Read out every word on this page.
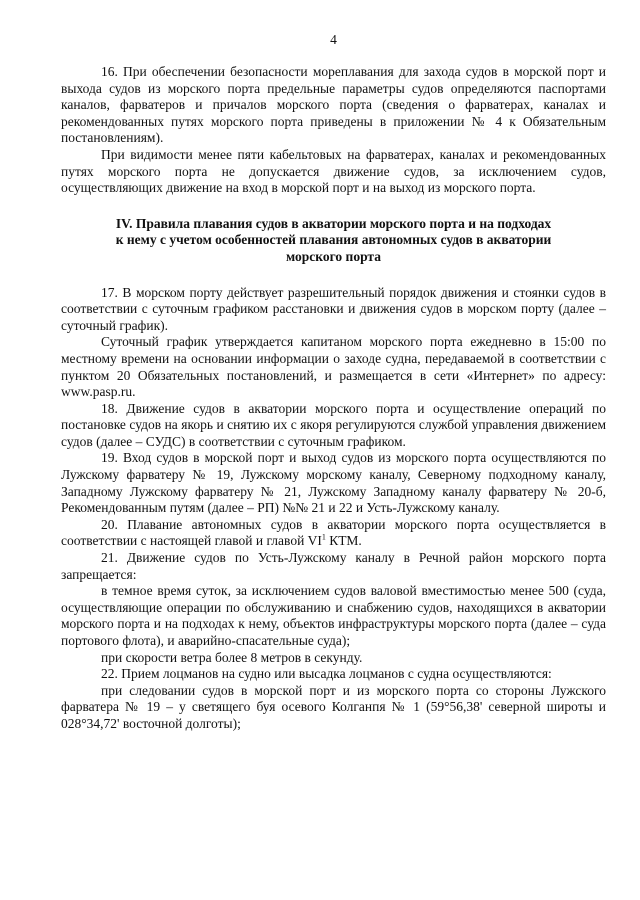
4

16. При обеспечении безопасности мореплавания для захода судов в морской порт и выхода судов из морского порта предельные параметры судов определяются паспортами каналов, фарватеров и причалов морского порта (сведения о фарватерах, каналах и рекомендованных путях морского порта приведены в приложении № 4 к Обязательным постановлениям).

При видимости менее пяти кабельтовых на фарватерах, каналах и рекомендованных путях морского порта не допускается движение судов, за исключением судов, осуществляющих движение на вход в морской порт и на выход из морского порта.

IV. Правила плавания судов в акватории морского порта и на подходах
к нему с учетом особенностей плавания автономных судов в акватории
морского порта

17. В морском порту действует разрешительный порядок движения и стоянки судов в соответствии с суточным графиком расстановки и движения судов в морском порту (далее – суточный график).

Суточный график утверждается капитаном морского порта ежедневно в 15:00 по местному времени на основании информации о заходе судна, передаваемой в соответствии с пунктом 20 Обязательных постановлений, и размещается в сети «Интернет» по адресу: www.pasp.ru.

18. Движение судов в акватории морского порта и осуществление операций по постановке судов на якорь и снятию их с якоря регулируются службой управления движением судов (далее – СУДС) в соответствии с суточным графиком.

19. Вход судов в морской порт и выход судов из морского порта осуществляются по Лужскому фарватеру № 19, Лужскому морскому каналу, Северному подходному каналу, Западному Лужскому фарватеру № 21, Лужскому Западному каналу фарватеру № 20-б, Рекомендованным путям (далее – РП) №№ 21 и 22 и Усть-Лужскому каналу.

20. Плавание автономных судов в акватории морского порта осуществляется в соответствии с настоящей главой и главой $VI^1$ КТМ.

21. Движение судов по Усть-Лужскому каналу в Речной район морского порта запрещается:

в темное время суток, за исключением судов валовой вместимостью менее 500 (суда, осуществляющие операции по обслуживанию и снабжению судов, находящихся в акватории морского порта и на подходах к нему, объектов инфраструктуры морского порта (далее – суда портового флота), и аварийно-спасательные суда);

при скорости ветра более 8 метров в секунду.

22. Прием лоцманов на судно или высадка лоцманов с судна осуществляются:

при следовании судов в морской порт и из морского порта со стороны Лужского фарватера № 19 – у светящего буя осевого Колганпя № 1 (59°56,38' северной широты и 028°34,72' восточной долготы);
